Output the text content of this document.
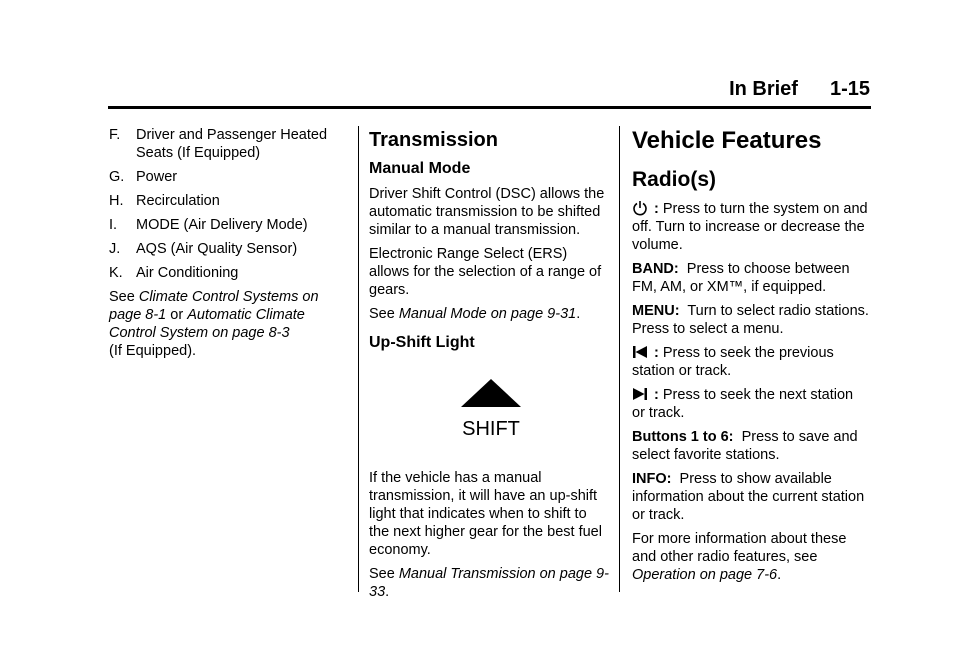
In Brief 1-15
F.	Driver and Passenger Heated Seats (If Equipped)
G. Power
H. Recirculation
I.	MODE (Air Delivery Mode)
J.	AQS (Air Quality Sensor)
K. Air Conditioning

See Climate Control Systems on page 8-1 or Automatic Climate Control System on page 8-3
(If Equipped).

Transmission
Manual Mode

Driver Shift Control (DSC) allows the automatic transmission to be shifted similar to a manual transmission.

Electronic Range Select (ERS) allows for the selection of a range of gears.

See Manual Mode on page 9-31.

Up-Shift Light
SHIFT

If the vehicle has a manual transmission, it will have an up-shift light that indicates when to shift to the next higher gear for the best fuel economy.

See Manual Transmission on page 9-33.

Vehicle Features
Radio(s)

: Press to turn the system on and off. Turn to increase or decrease the volume.

BAND: Press to choose between FM, AM, or XM™, if equipped.

MENU: Turn to select radio stations. Press to select a menu.

: Press to seek the previous station or track.

: Press to seek the next station or track.

Buttons 1 to 6: Press to save and select favorite stations.

INFO: Press to show available information about the current station or track.

For more information about these and other radio features, see
Operation on page 7-6.
